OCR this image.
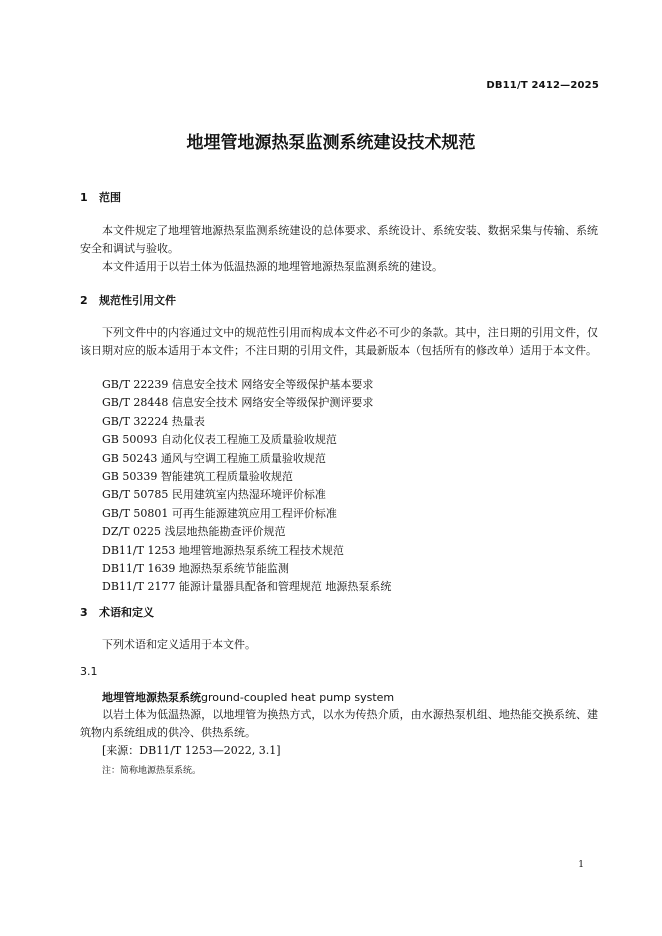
DB11/T 2412—2025
地埋管地源热泵监测系统建设技术规范
1 范围
本文件规定了地埋管地源热泵监测系统建设的总体要求、系统设计、系统安装、数据采集与传输、系统安全和调试与验收。
本文件适用于以岩土体为低温热源的地埋管地源热泵监测系统的建设。
2 规范性引用文件
下列文件中的内容通过文中的规范性引用而构成本文件必不可少的条款。其中，注日期的引用文件，仅该日期对应的版本适用于本文件；不注日期的引用文件，其最新版本（包括所有的修改单）适用于本文件。
GB/T 22239 信息安全技术 网络安全等级保护基本要求
GB/T 28448 信息安全技术 网络安全等级保护测评要求
GB/T 32224 热量表
GB 50093 自动化仪表工程施工及质量验收规范
GB 50243 通风与空调工程施工质量验收规范
GB 50339 智能建筑工程质量验收规范
GB/T 50785 民用建筑室内热湿环境评价标准
GB/T 50801 可再生能源建筑应用工程评价标准
DZ/T 0225 浅层地热能勘查评价规范
DB11/T 1253 地埋管地源热泵系统工程技术规范
DB11/T 1639 地源热泵系统节能监测
DB11/T 2177 能源计量器具配备和管理规范 地源热泵系统
3 术语和定义
下列术语和定义适用于本文件。
3.1
地埋管地源热泵系统ground-coupled heat pump system
以岩土体为低温热源，以地埋管为换热方式，以水为传热介质，由水源热泵机组、地热能交换系统、建筑物内系统组成的供冷、供热系统。
[来源：DB11/T 1253—2022, 3.1]
注：简称地源热泵系统。
1
